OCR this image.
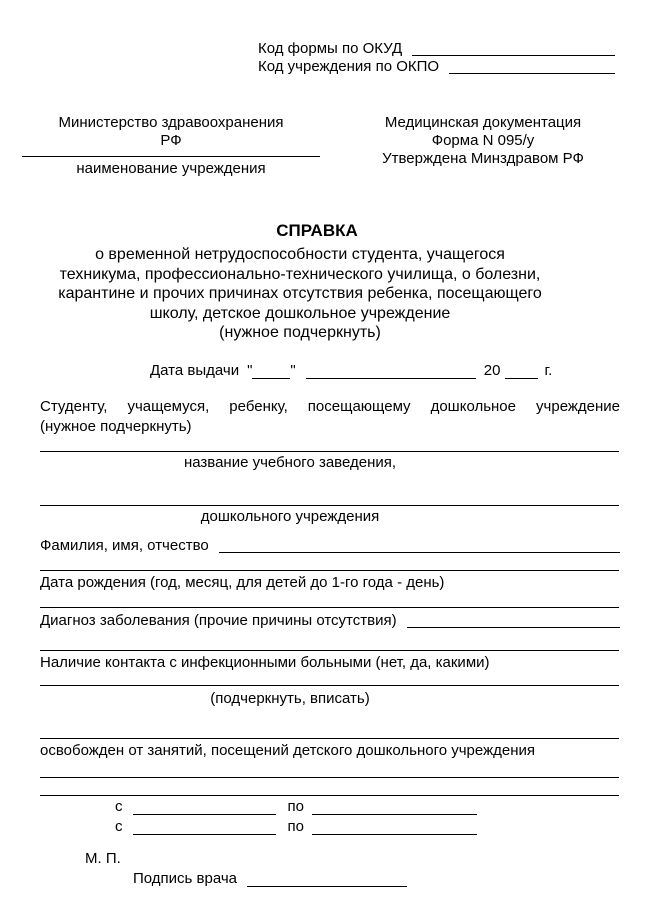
Код формы по ОКУД
Код учреждения по ОКПО
Министерство здравоохранения
РФ
наименование учреждения
Медицинская документация
Форма N 095/у
Утверждена Минздравом РФ
СПРАВКА
о временной нетрудоспособности студента, учащегося
техникума, профессионально-технического училища, о болезни,
карантине и прочих причинах отсутствия ребенка, посещающего
школу, детское дошкольное учреждение
(нужное подчеркнуть)
Дата выдачи "	"	20	г.
Студенту, учащемуся, ребенку, посещающему дошкольное учреждение
(нужное подчеркнуть)
название учебного заведения,
дошкольного учреждения
Фамилия, имя, отчество
Дата рождения (год, месяц, для детей до 1-го года - день)
Диагноз заболевания (прочие причины отсутствия)
Наличие контакта с инфекционными больными (нет, да, какими)
(подчеркнуть, вписать)
освобожден от занятий, посещений детского дошкольного учреждения
с	по
с	по
М. П.
Подпись врача
